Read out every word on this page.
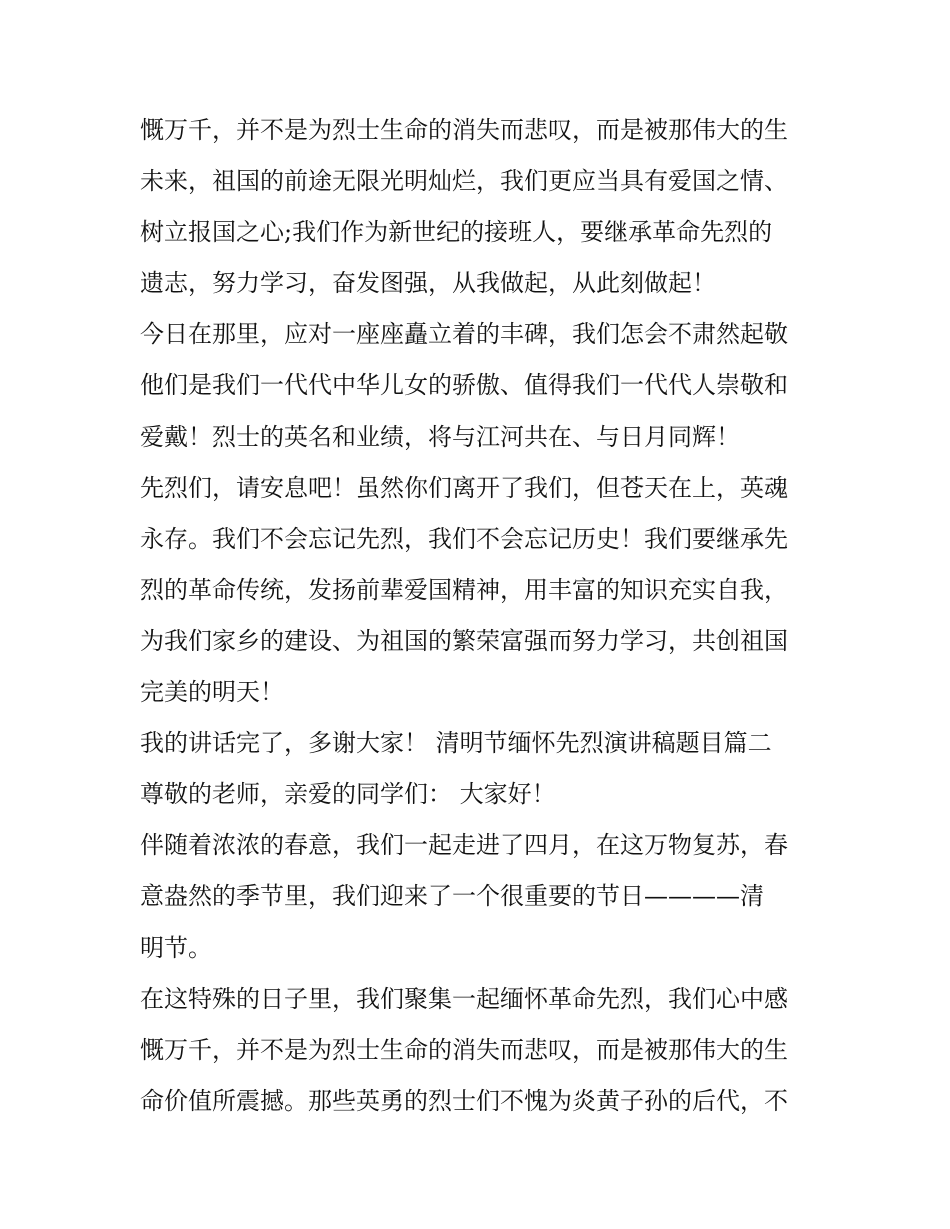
慨万千，并不是为烈士生命的消失而悲叹，而是被那伟大的生
未来，祖国的前途无限光明灿烂，我们更应当具有爱国之情、
树立报国之心;我们作为新世纪的接班人，要继承革命先烈的
遗志，努力学习，奋发图强，从我做起，从此刻做起！
今日在那里，应对一座座矗立着的丰碑，我们怎会不肃然起敬
他们是我们一代代中华儿女的骄傲、值得我们一代代人崇敬和
爱戴！烈士的英名和业绩，将与江河共在、与日月同辉！
先烈们，请安息吧！虽然你们离开了我们，但苍天在上，英魂
永存。我们不会忘记先烈，我们不会忘记历史！我们要继承先
烈的革命传统，发扬前辈爱国精神，用丰富的知识充实自我，
为我们家乡的建设、为祖国的繁荣富强而努力学习，共创祖国
完美的明天！
我的讲话完了，多谢大家！ 清明节缅怀先烈演讲稿题目篇二
尊敬的老师，亲爱的同学们： 大家好！
伴随着浓浓的春意，我们一起走进了四月，在这万物复苏，春
意盎然的季节里，我们迎来了一个很重要的节日————清
明节。
在这特殊的日子里，我们聚集一起缅怀革命先烈，我们心中感
慨万千，并不是为烈士生命的消失而悲叹，而是被那伟大的生
命价值所震撼。那些英勇的烈士们不愧为炎黄子孙的后代，不
